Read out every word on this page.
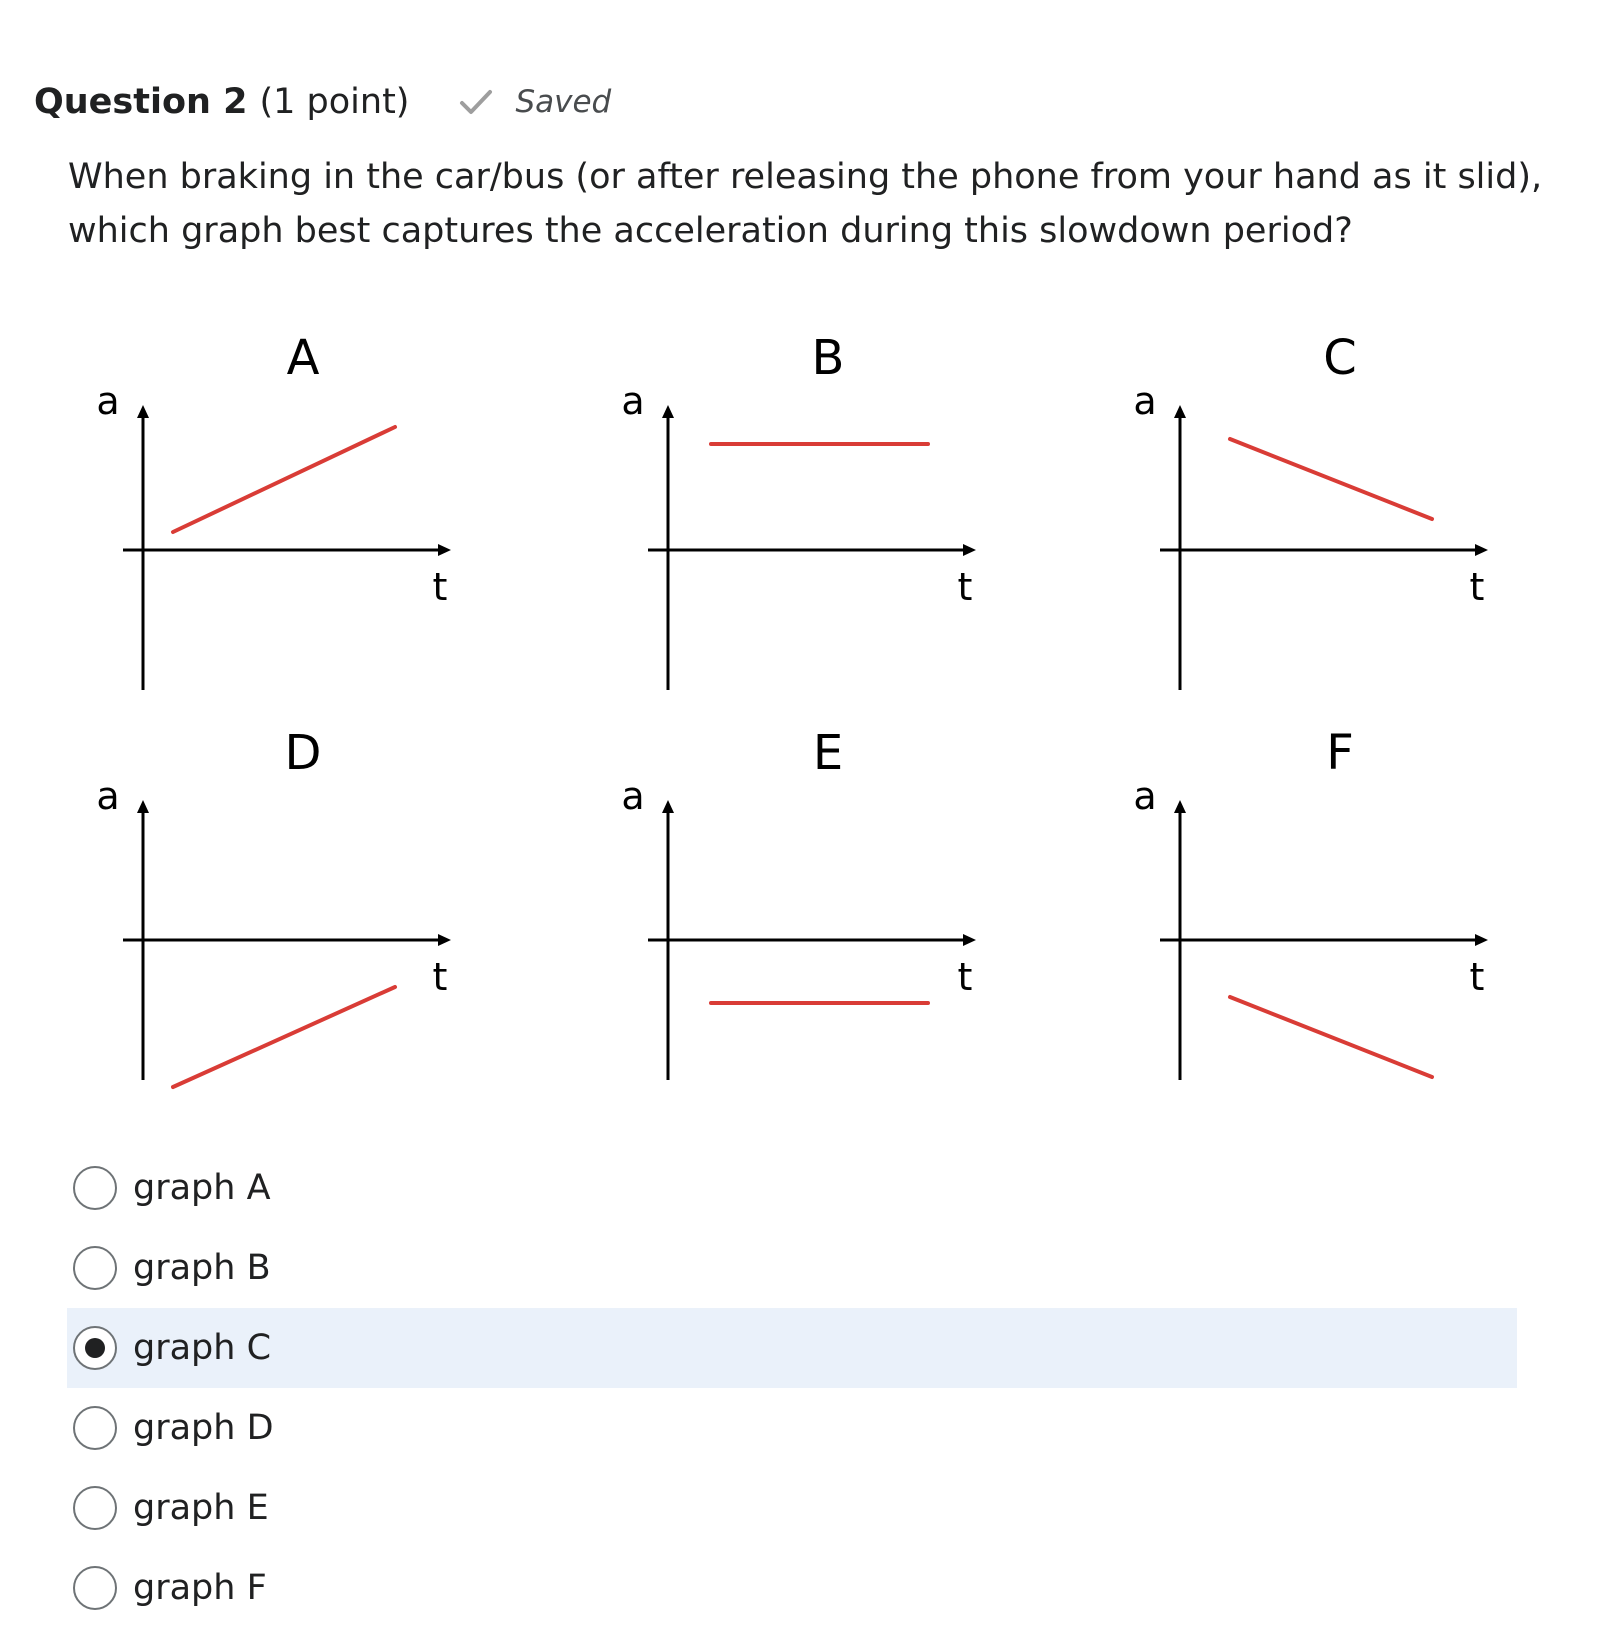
Question 2 (1 point)	Saved
When braking in the car/bus (or after releasing the phone from your hand as it slid), which graph best captures the acceleration during this slowdown period?
A
a
t
B
a
t
C
a
t
D
a
t
E
a
t
F
a
t
graph A
graph B
graph C
graph D
graph E
graph F
